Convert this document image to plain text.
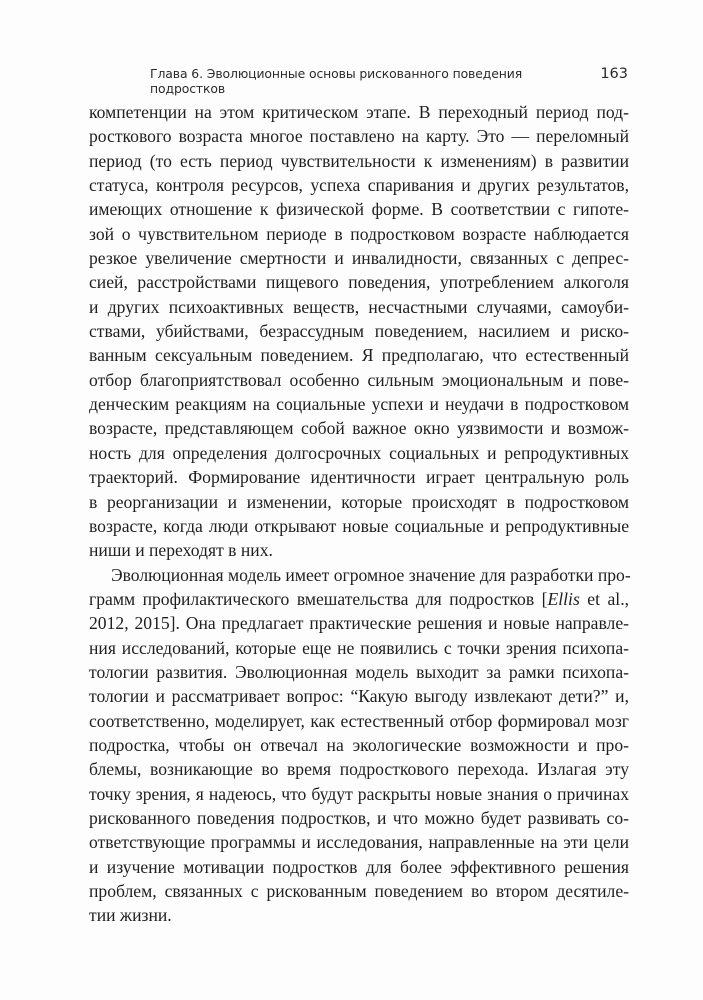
Глава 6. Эволюционные основы рискованного поведения подростков
163

компетенции на этом критическом этапе. В переходный период под-
росткового возраста многое поставлено на карту. Это — переломный
период (то есть период чувствительности к изменениям) в развитии
статуса, контроля ресурсов, успеха спаривания и других результатов,
имеющих отношение к физической форме. В соответствии с гипоте-
зой о чувствительном периоде в подростковом возрасте наблюдается
резкое увеличение смертности и инвалидности, связанных с депрес-
сией, расстройствами пищевого поведения, употреблением алкоголя
и других психоактивных веществ, несчастными случаями, самоуби-
ствами, убийствами, безрассудным поведением, насилием и риско-
ванным сексуальным поведением. Я предполагаю, что естественный
отбор благоприятствовал особенно сильным эмоциональным и пове-
денческим реакциям на социальные успехи и неудачи в подростковом
возрасте, представляющем собой важное окно уязвимости и возмож-
ность для определения долгосрочных социальных и репродуктивных
траекторий. Формирование идентичности играет центральную роль
в реорганизации и изменении, которые происходят в подростковом
возрасте, когда люди открывают новые социальные и репродуктивные
ниши и переходят в них.

Эволюционная модель имеет огромное значение для разработки про-
грамм профилактического вмешательства для подростков [Ellis et al.,
2012, 2015]. Она предлагает практические решения и новые направле-
ния исследований, которые еще не появились с точки зрения психопа-
тологии развития. Эволюционная модель выходит за рамки психопа-
тологии и рассматривает вопрос: “Какую выгоду извлекают дети?” и,
соответственно, моделирует, как естественный отбор формировал мозг
подростка, чтобы он отвечал на экологические возможности и про-
блемы, возникающие во время подросткового перехода. Излагая эту
точку зрения, я надеюсь, что будут раскрыты новые знания о причинах
рискованного поведения подростков, и что можно будет развивать со-
ответствующие программы и исследования, направленные на эти цели
и изучение мотивации подростков для более эффективного решения
проблем, связанных с рискованным поведением во втором десятиле-
тии жизни.
